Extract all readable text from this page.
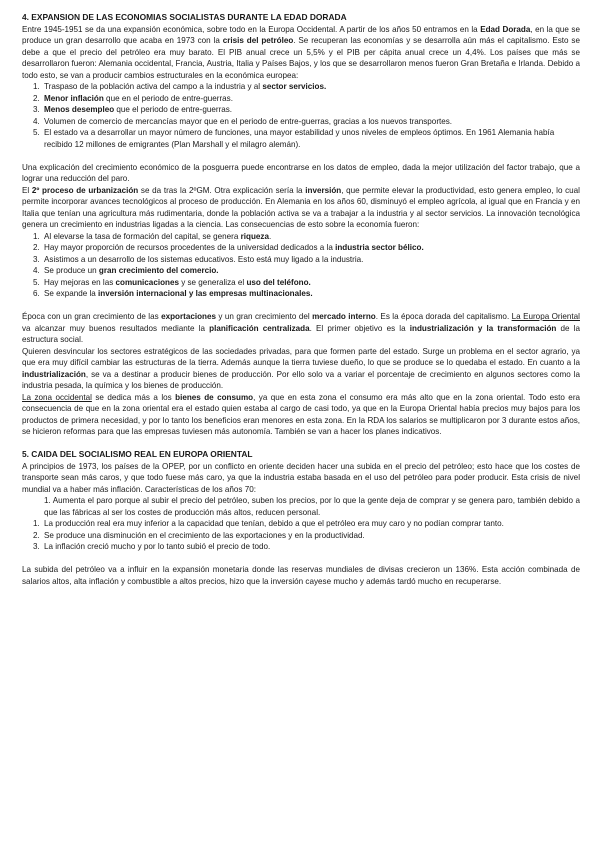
4. EXPANSION DE LAS ECONOMIAS SOCIALISTAS DURANTE LA EDAD DORADA

Entre 1945-1951 se da una expansión económica, sobre todo en la Europa Occidental. A partir de los años 50 entramos en la Edad Dorada, en la que se produce un gran desarrollo que acaba en 1973 con la crisis del petróleo. Se recuperan las economías y se desarrolla aún más el capitalismo. Esto se debe a que el precio del petróleo era muy barato. El PIB anual crece un 5,5% y el PIB per cápita anual crece un 4,4%. Los países que más se desarrollaron fueron: Alemania occidental, Francia, Austria, Italia y Países Bajos, y los que se desarrollaron menos fueron Gran Bretaña e Irlanda. Debido a todo esto, se van a producir cambios estructurales en la económica europea:

1. Traspaso de la población activa del campo a la industria y al sector servicios.
2. Menor inflación que en el periodo de entre-guerras.
3. Menos desempleo que el periodo de entre-guerras.
4. Volumen de comercio de mercancías mayor que en el periodo de entre-guerras, gracias a los nuevos transportes.
5. El estado va a desarrollar un mayor número de funciones, una mayor estabilidad y unos niveles de empleos óptimos. En 1961 Alemania había recibido 12 millones de emigrantes (Plan Marshall y el milagro alemán).

Una explicación del crecimiento económico de la posguerra puede encontrarse en los datos de empleo, dada la mejor utilización del factor trabajo, que a lograr una reducción del paro.

El 2º proceso de urbanización se da tras la 2ºGM. Otra explicación sería la inversión, que permite elevar la productividad, esto genera empleo, lo cual permite incorporar avances tecnológicos al proceso de producción. En Alemania en los años 60, disminuyó el empleo agrícola, al igual que en Francia y en Italia que tenían una agricultura más rudimentaria, donde la población activa se va a trabajar a la industria y al sector servicios. La innovación tecnológica genera un crecimiento en industrias ligadas a la ciencia. Las consecuencias de esto sobre la economía fueron:

1. Al elevarse la tasa de formación del capital, se genera riqueza.
2. Hay mayor proporción de recursos procedentes de la universidad dedicados a la industria sector bélico.
3. Asistimos a un desarrollo de los sistemas educativos. Esto está muy ligado a la industria.
4. Se produce un gran crecimiento del comercio.
5. Hay mejoras en las comunicaciones y se generaliza el uso del teléfono.
6. Se expande la inversión internacional y las empresas multinacionales.

Época con un gran crecimiento de las exportaciones y un gran crecimiento del mercado interno. Es la época dorada del capitalismo. La Europa Oriental va alcanzar muy buenos resultados mediante la planificación centralizada. El primer objetivo es la industrialización y la transformación de la estructura social.

Quieren desvincular los sectores estratégicos de las sociedades privadas, para que formen parte del estado. Surge un problema en el sector agrario, ya que era muy difícil cambiar las estructuras de la tierra. Además aunque la tierra tuviese dueño, lo que se produce se lo quedaba el estado. En cuanto a la industrialización, se va a destinar a producir bienes de producción. Por ello solo va a variar el porcentaje de crecimiento en algunos sectores como la industria pesada, la química y los bienes de producción.

La zona occidental se dedica más a los bienes de consumo, ya que en esta zona el consumo era más alto que en la zona oriental. Todo esto era consecuencia de que en la zona oriental era el estado quien estaba al cargo de casi todo, ya que en la Europa Oriental había precios muy bajos para los productos de primera necesidad, y por lo tanto los beneficios eran menores en esta zona. En la RDA los salarios se multiplicaron por 3 durante estos años, se hicieron reformas para que las empresas tuviesen más autonomía. También se van a hacer los planes indicativos.

5. CAIDA DEL SOCIALISMO REAL EN EUROPA ORIENTAL

A principios de 1973, los países de la OPEP, por un conflicto en oriente deciden hacer una subida en el precio del petróleo; esto hace que los costes de transporte sean más caros, y que todo fuese más caro, ya que la industria estaba basada en el uso del petróleo para poder producir. Esta crisis de nivel mundial va a haber más inflación. Características de los años 70:

1. Aumenta el paro porque al subir el precio del petróleo, suben los precios, por lo que la gente deja de comprar y se genera paro, también debido a que las fábricas al ser los costes de producción más altos, reducen personal.

1. La producción real era muy inferior a la capacidad que tenían, debido a que el petróleo era muy caro y no podían comprar tanto.
2. Se produce una disminución en el crecimiento de las exportaciones y en la productividad.
3. La inflación creció mucho y por lo tanto subió el precio de todo.

La subida del petróleo va a influir en la expansión monetaria donde las reservas mundiales de divisas crecieron un 136%. Esta acción combinada de salarios altos, alta inflación y combustible a altos precios, hizo que la inversión cayese mucho y además tardó mucho en recuperarse.
